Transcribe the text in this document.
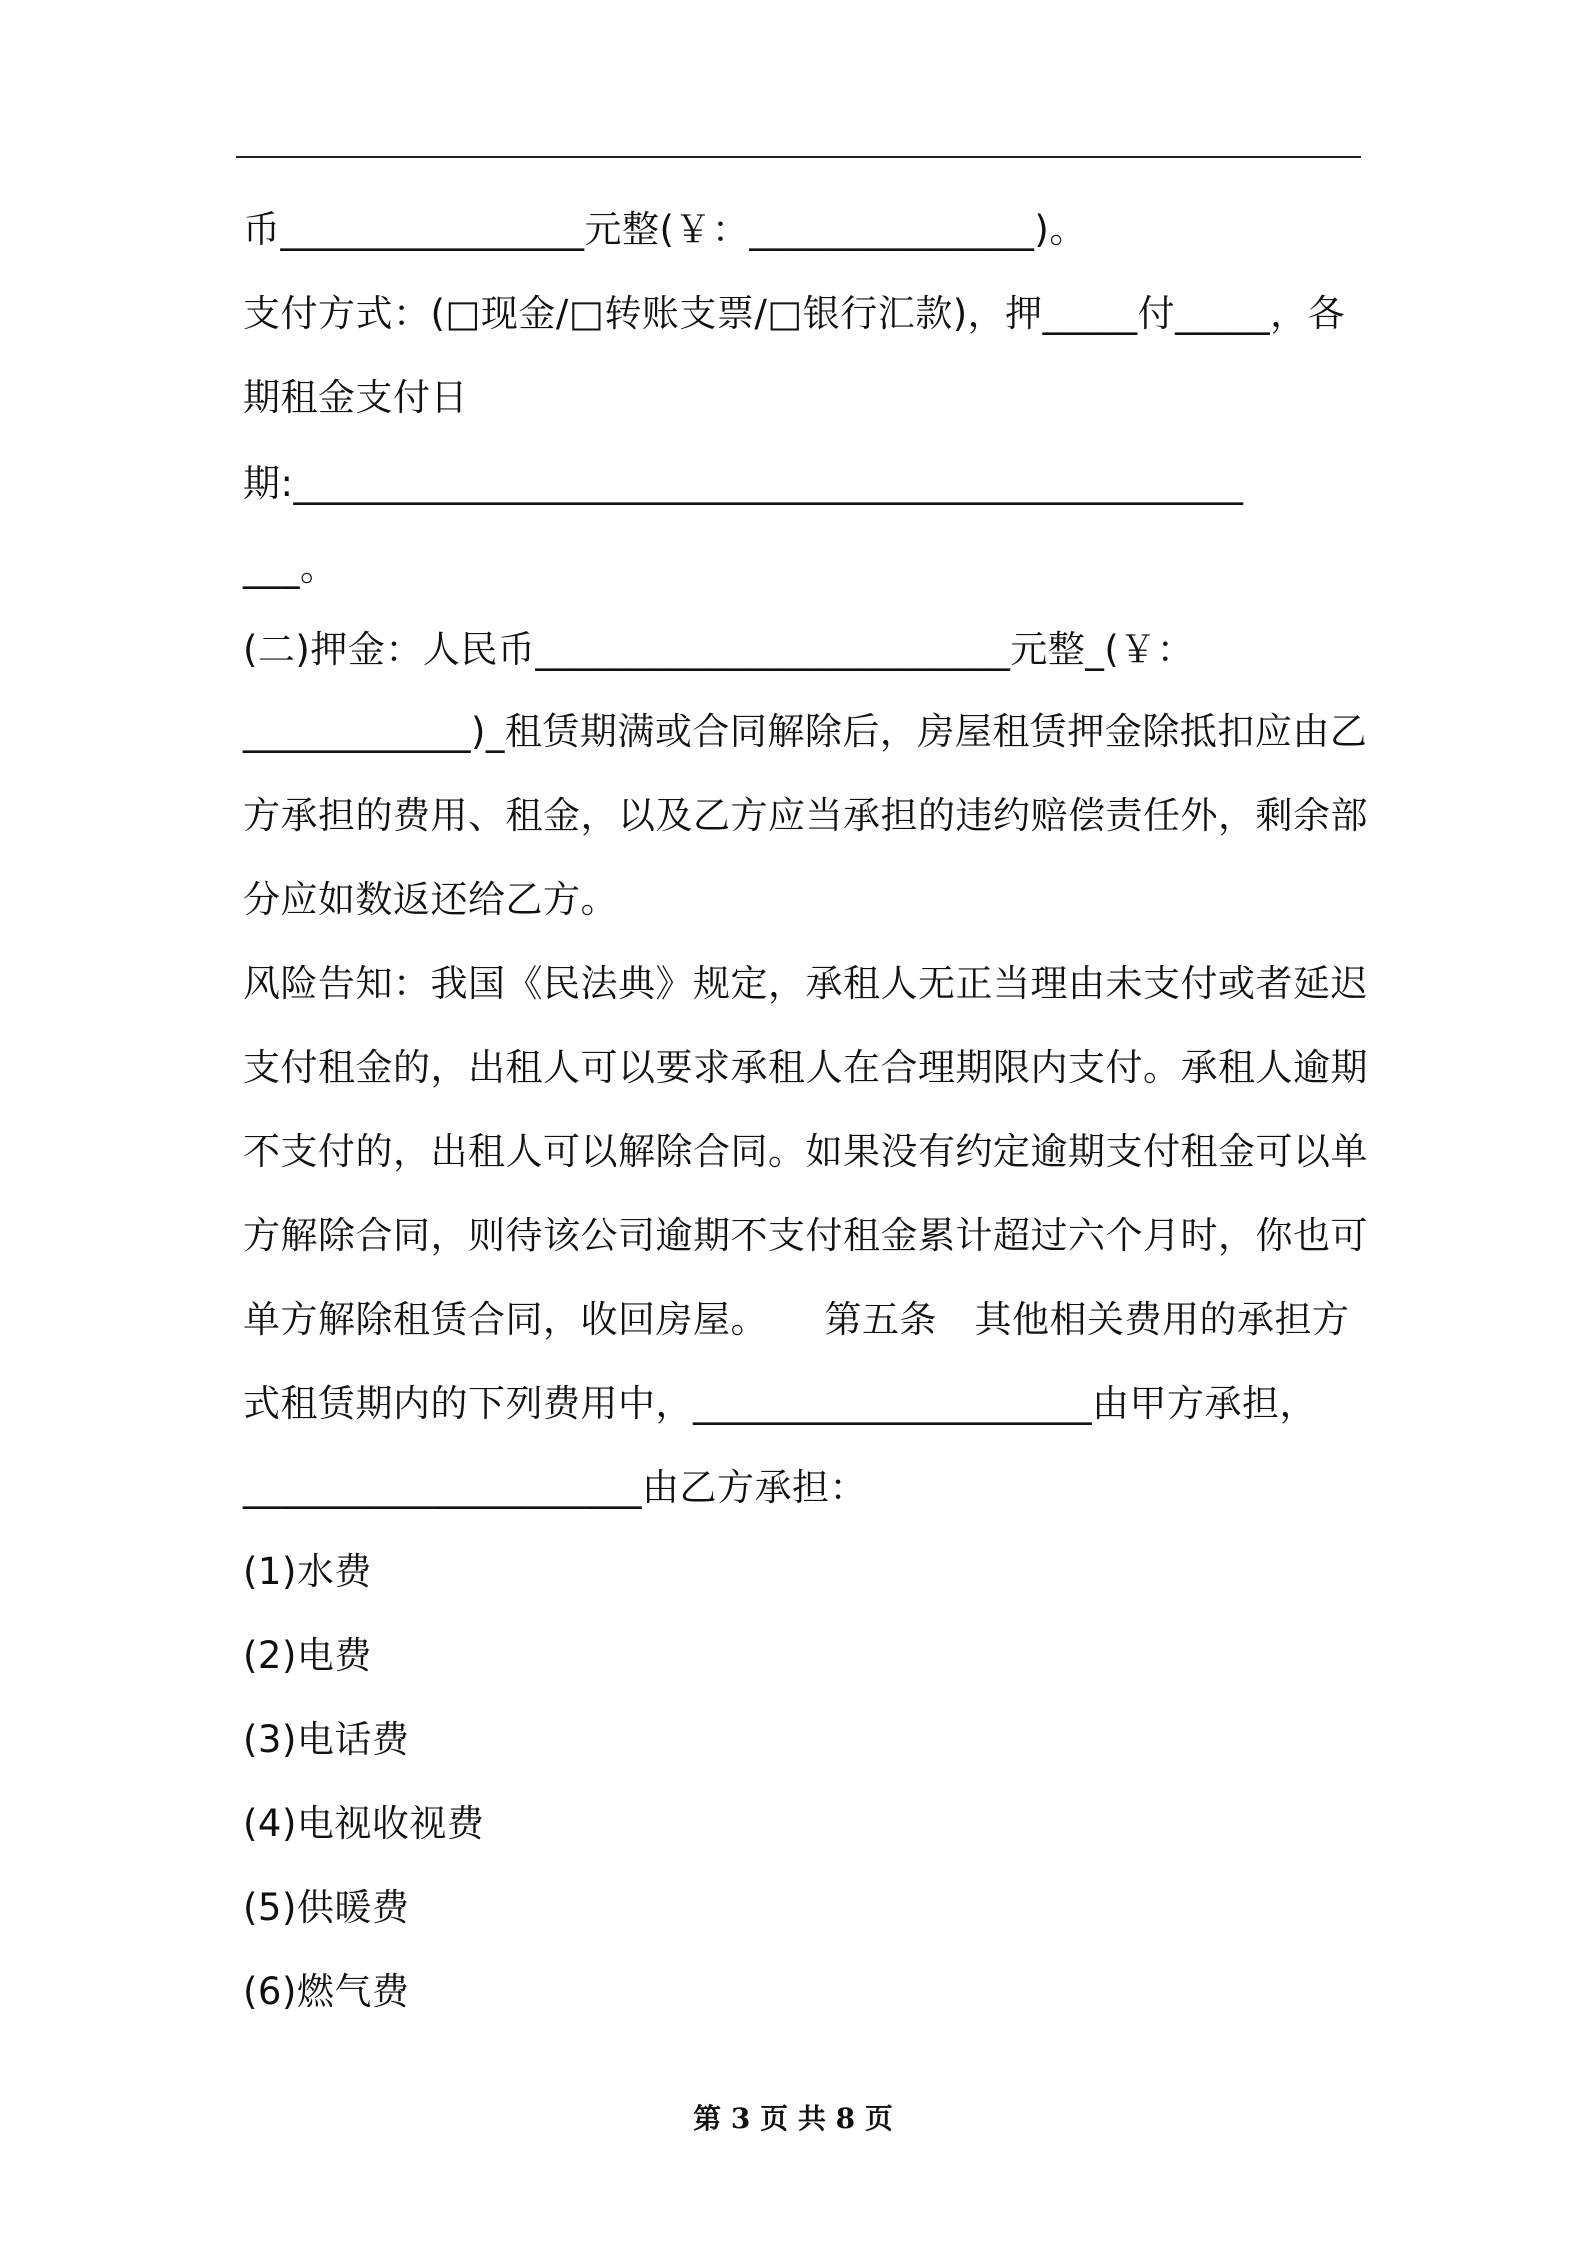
币________________元整(￥：_______________)。
支付方式：(□现金/□转账支票/□银行汇款)，押_____付_____，各
期租金支付日
期:__________________________________________________
___。
(二)押金：人民币_________________________元整_(￥：
____________)_租赁期满或合同解除后，房屋租赁押金除抵扣应由乙
方承担的费用、租金，以及乙方应当承担的违约赔偿责任外，剩余部
分应如数返还给乙方。
风险告知：我国《民法典》规定，承租人无正当理由未支付或者延迟
支付租金的，出租人可以要求承租人在合理期限内支付。承租人逾期
不支付的，出租人可以解除合同。如果没有约定逾期支付租金可以单
方解除合同，则待该公司逾期不支付租金累计超过六个月时，你也可
单方解除租赁合同，收回房屋。　　第五条　其他相关费用的承担方
式租赁期内的下列费用中，_____________________由甲方承担，
_____________________由乙方承担：
(1)水费
(2)电费
(3)电话费
(4)电视收视费
(5)供暖费
(6)燃气费
第 3 页 共 8 页
